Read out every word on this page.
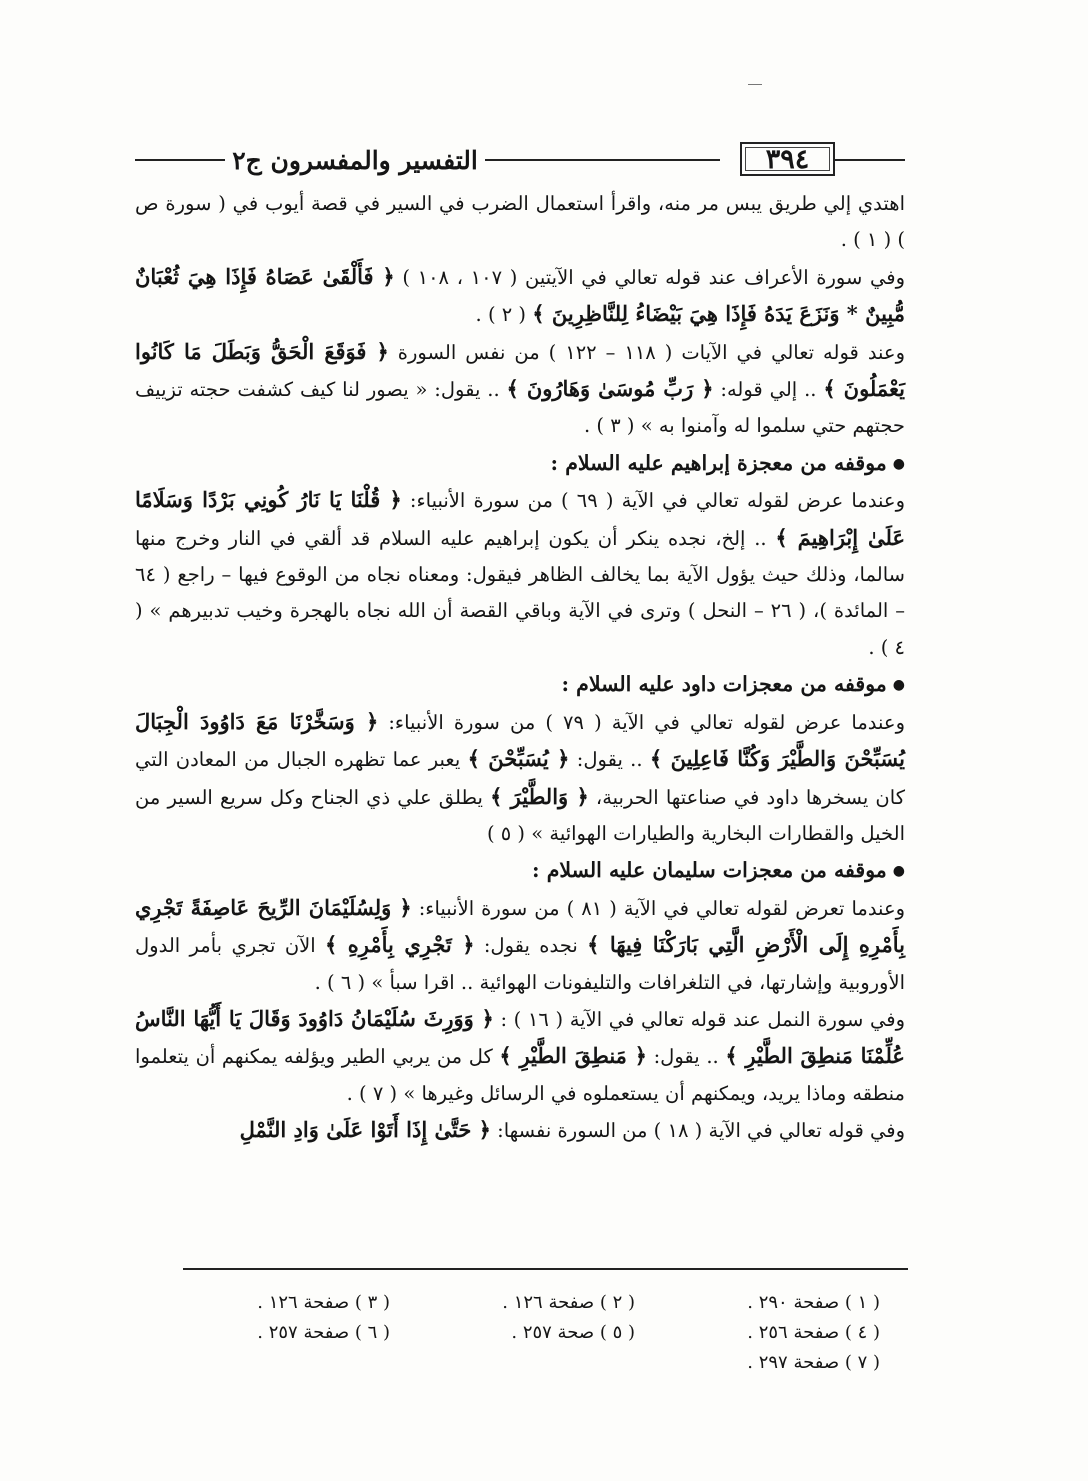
٣٩٤
التفسير والمفسرون ج٢

اهتدي إلي طريق يبس مر منه، واقرأ استعمال الضرب في السير في قصة أيوب في ( سورة ص ) ( ١ ) .

وفي سورة الأعراف عند قوله تعالي في الآيتين ( ١٠٧ ، ١٠٨ ) ﴿ فَأَلْقَىٰ عَصَاهُ فَإِذَا هِيَ ثُعْبَانٌ مُّبِينٌ * وَنَزَعَ يَدَهُ فَإِذَا هِيَ بَيْضَاءُ لِلنَّاظِرِينَ ﴾ ( ٢ ) .

وعند قوله تعالي في الآيات ( ١١٨ – ١٢٢ ) من نفس السورة ﴿ فَوَقَعَ الْحَقُّ وَبَطَلَ مَا كَانُوا يَعْمَلُونَ ﴾ .. إلي قوله: ﴿ رَبِّ مُوسَىٰ وَهَارُونَ ﴾ .. يقول: « يصور لنا كيف كشفت حجته تزييف حجتهم حتي سلموا له وآمنوا به » ( ٣ ) .

● موقفه من معجزة إبراهيم عليه السلام :

وعندما عرض لقوله تعالي في الآية ( ٦٩ ) من سورة الأنبياء: ﴿ قُلْنَا يَا نَارُ كُونِي بَرْدًا وَسَلَامًا عَلَىٰ إِبْرَاهِيمَ ﴾ .. إلخ، نجده ينكر أن يكون إبراهيم عليه السلام قد ألقي في النار وخرج منها سالما، وذلك حيث يؤول الآية بما يخالف الظاهر فيقول: ومعناه نجاه من الوقوع فيها – راجع ( ٦٤ – المائدة )، ( ٢٦ – النحل ) وترى في الآية وباقي القصة أن الله نجاه بالهجرة وخيب تدبيرهم » ( ٤ ) .

● موقفه من معجزات داود عليه السلام :

وعندما عرض لقوله تعالي في الآية ( ٧٩ ) من سورة الأنبياء: ﴿ وَسَخَّرْنَا مَعَ دَاوُودَ الْجِبَالَ يُسَبِّحْنَ وَالطَّيْرَ وَكُنَّا فَاعِلِينَ ﴾ .. يقول: ﴿ يُسَبِّحْنَ ﴾ يعبر عما تظهره الجبال من المعادن التي كان يسخرها داود في صناعتها الحربية، ﴿ وَالطَّيْرَ ﴾ يطلق علي ذي الجناح وكل سريع السير من الخيل والقطارات البخارية والطيارات الهوائية » ( ٥ )

● موقفه من معجزات سليمان عليه السلام :

وعندما تعرض لقوله تعالي في الآية ( ٨١ ) من سورة الأنبياء: ﴿ وَلِسُلَيْمَانَ الرِّيحَ عَاصِفَةً تَجْرِي بِأَمْرِهِ إِلَى الْأَرْضِ الَّتِي بَارَكْنَا فِيهَا ﴾ نجده يقول: ﴿ تَجْرِي بِأَمْرِهِ ﴾ الآن تجري بأمر الدول الأوروبية وإشارتها، في التلغرافات والتليفونات الهوائية .. اقرا سبأ » ( ٦ ) .

وفي سورة النمل عند قوله تعالي في الآية ( ١٦ ) : ﴿ وَوَرِثَ سُلَيْمَانُ دَاوُودَ وَقَالَ يَا أَيُّهَا النَّاسُ عُلِّمْنَا مَنطِقَ الطَّيْرِ ﴾ .. يقول: ﴿ مَنطِقَ الطَّيْرِ ﴾ كل من يربي الطير ويؤلفه يمكنهم أن يتعلموا منطقه وماذا يريد، ويمكنهم أن يستعملوه في الرسائل وغيرها » ( ٧ ) .

وفي قوله تعالي في الآية ( ١٨ ) من السورة نفسها: ﴿ حَتَّىٰ إِذَا أَتَوْا عَلَىٰ وَادِ النَّمْلِ

( ١ ) صفحة ٢٩٠ .
( ٢ ) صفحة ١٢٦ .
( ٣ ) صفحة ١٢٦ .
( ٤ ) صفحة ٢٥٦ .
( ٥ ) صحة ٢٥٧ .
( ٦ ) صفحة ٢٥٧ .
( ٧ ) صفحة ٢٩٧ .
